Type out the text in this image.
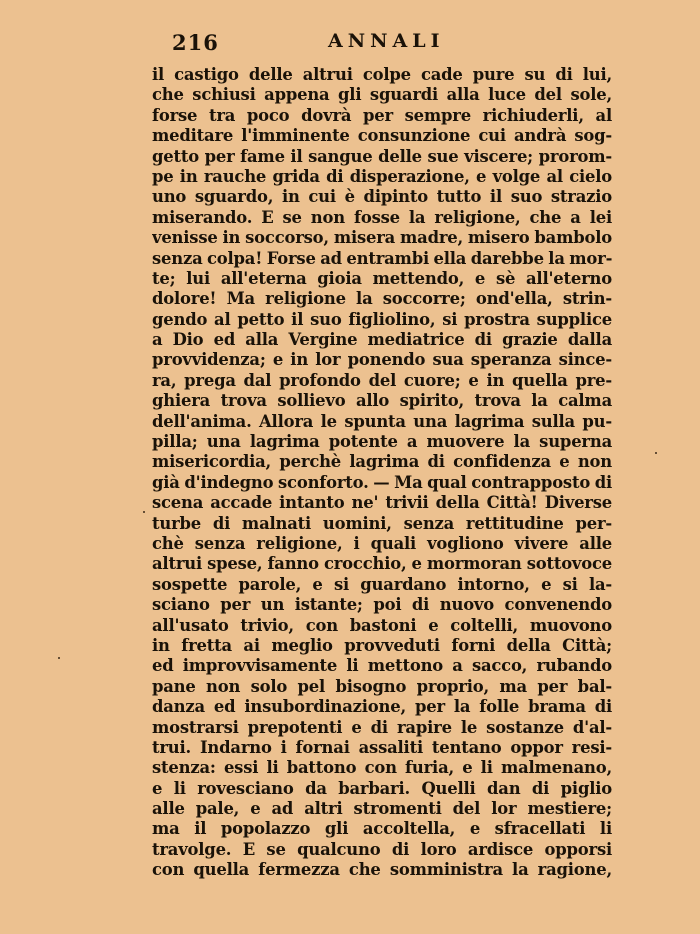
216	ANNALI
il castigo delle altrui colpe cade pure su di lui,
che schiusi appena gli sguardi alla luce del sole,
forse tra poco dovrà per sempre richiuderli, al
meditare l'imminente consunzione cui andrà sog-
getto per fame il sangue delle sue viscere; prorom-
pe in rauche grida di disperazione, e volge al cielo
uno sguardo, in cui è dipinto tutto il suo strazio
miserando. E se non fosse la religione, che a lei
venisse in soccorso, misera madre, misero bambolo
senza colpa! Forse ad entrambi ella darebbe la mor-
te; lui all'eterna gioia mettendo, e sè all'eterno
dolore! Ma religione la soccorre; ond'ella, strin-
gendo al petto il suo figliolino, si prostra supplice
a Dio ed alla Vergine mediatrice di grazie dalla
provvidenza; e in lor ponendo sua speranza since-
ra, prega dal profondo del cuore; e in quella pre-
ghiera trova sollievo allo spirito, trova la calma
dell'anima. Allora le spunta una lagrima sulla pu-
pilla; una lagrima potente a muovere la superna
misericordia, perchè lagrima di confidenza e non
già d'indegno sconforto. — Ma qual contrapposto di
scena accade intanto ne' trivii della Città! Diverse
turbe di malnati uomini, senza rettitudine per-
chè senza religione, i quali vogliono vivere alle
altrui spese, fanno crocchio, e mormoran sottovoce
sospette parole, e si guardano intorno, e si la-
sciano per un istante; poi di nuovo convenendo
all'usato trivio, con bastoni e coltelli, muovono
in fretta ai meglio provveduti forni della Città;
ed improvvisamente li mettono a sacco, rubando
pane non solo pel bisogno proprio, ma per bal-
danza ed insubordinazione, per la folle brama di
mostrarsi prepotenti e di rapire le sostanze d'al-
trui. Indarno i fornai assaliti tentano oppor resi-
stenza: essi li battono con furia, e li malmenano,
e li rovesciano da barbari. Quelli dan di piglio
alle pale, e ad altri stromenti del lor mestiere;
ma il popolazzo gli accoltella, e sfracellati li
travolge. E se qualcuno di loro ardisce opporsi
con quella fermezza che somministra la ragione,
